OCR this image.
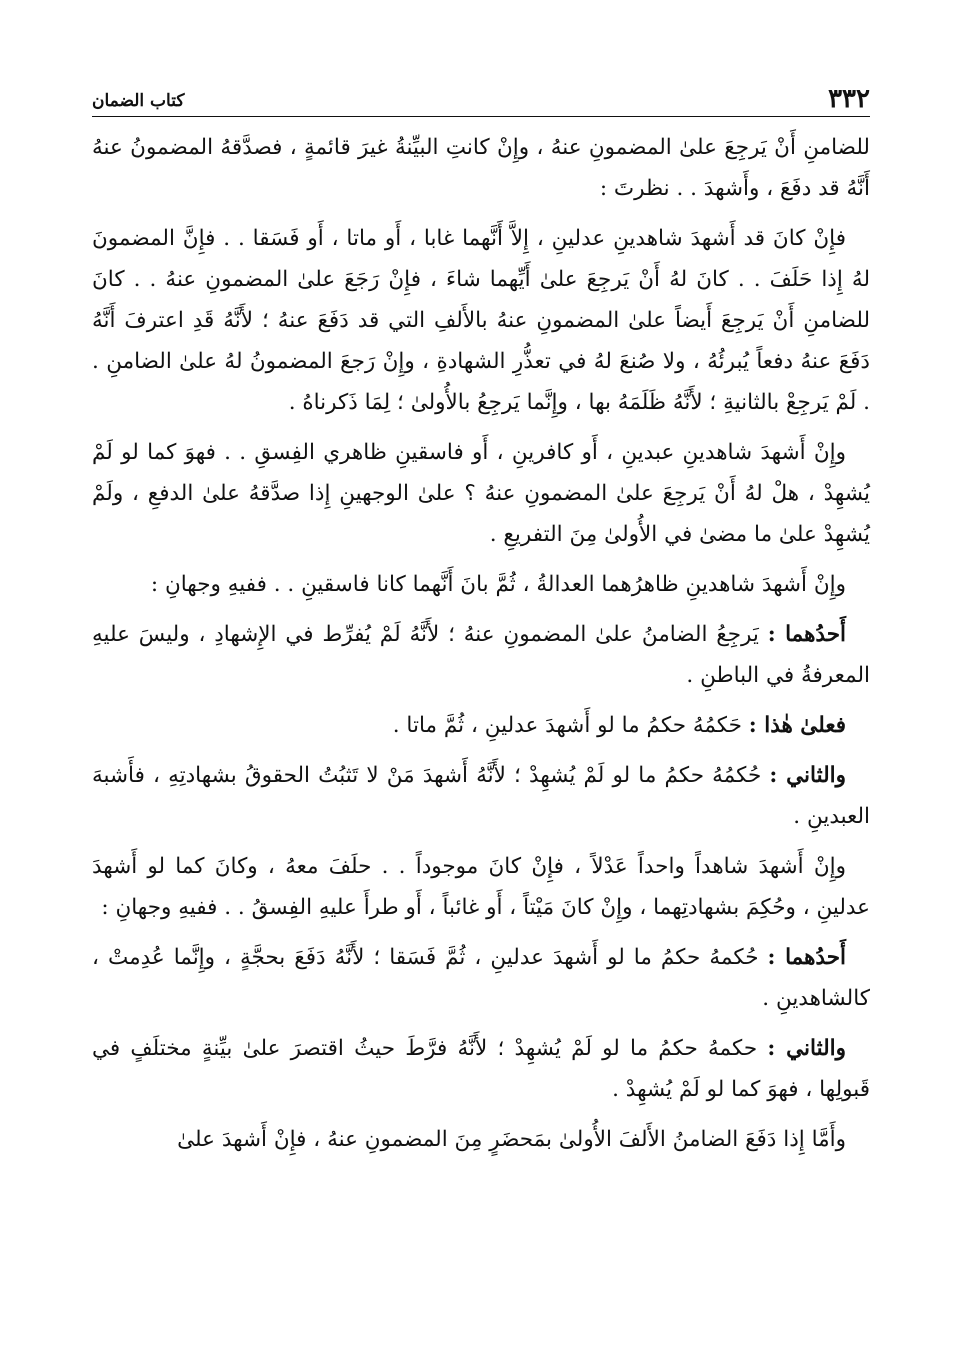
٣٣٢
كتاب الضمان

للضامنِ أَنْ يَرجِعَ علىٰ المضمونِ عنهُ ، وإِنْ كانتِ البيِّنةُ غيرَ قائمةٍ ، فصدَّقهُ المضمونُ عنهُ أَنَّهُ قد دفَعَ ، وأَشهدَ . . نظرتَ :

فإِنْ كانَ قد أَشهدَ شاهدينِ عدلينِ ، إِلاَّ أَنَّهما غابا ، أَو ماتا ، أَو فَسَقا . . فإِنَّ المضمونَ لهُ إِذا حَلَفَ . . كانَ لهُ أَنْ يَرجِعَ علىٰ أَيِّهما شاءَ ، فإِنْ رَجَعَ علىٰ المضمونِ عنهُ . . كانَ للضامنِ أَنْ يَرجِعَ أَيضاً علىٰ المضمونِ عنهُ بالأَلفِ التي قد دَفَعَ عنهُ ؛ لأَنَّهُ قَدِ اعترفَ أَنَّهُ دَفَعَ عنهُ دفعاً يُبرئُهُ ، ولا صُنعَ لهُ في تعذُّرِ الشهادةِ ، وإِنْ رَجعَ المضمونُ لهُ علىٰ الضامنِ . . لَمْ يَرجِعْ بالثانيةِ ؛ لأَنَّهُ ظَلَمَهُ بها ، وإِنَّما يَرجِعُ بالأُولىٰ ؛ لِمَا ذَكرناهُ .

وإِنْ أَشهدَ شاهدينِ عبدينِ ، أَو كافرينِ ، أَو فاسقينِ ظاهري الفِسقِ . . فهوَ كما لو لَمْ يُشهِدْ ، هلْ لهُ أَنْ يَرجِعَ علىٰ المضمونِ عنهُ ؟ علىٰ الوجهينِ إِذا صدَّقهُ علىٰ الدفعِ ، ولَمْ يُشهِدْ علىٰ ما مضىٰ في الأُولىٰ مِنَ التفريعِ .

وإِنْ أَشهدَ شاهدينِ ظاهرُهما العدالةُ ، ثُمَّ بانَ أَنَّهما كانا فاسقينِ . . ففيهِ وجهانِ :

أَحدُهما : يَرجِعُ الضامنُ علىٰ المضمونِ عنهُ ؛ لأَنَّهُ لَمْ يُفرِّط في الإِشهادِ ، وليسَ عليهِ المعرفةُ في الباطنِ .

فعلىٰ هٰذا : حَكمُهُ حكمُ ما لو أَشهدَ عدلينِ ، ثُمَّ ماتا .

والثاني : حُكمُهُ حكمُ ما لو لَمْ يُشهِدْ ؛ لأَنَّهُ أَشهدَ مَنْ لا تَثبُتُ الحقوقُ بشهادتِهِ ، فأَشبهَ العبدينِ .

وإِنْ أَشهدَ شاهداً واحداً عَدْلاً ، فإِنْ كانَ موجوداً . . حلَفَ معهُ ، وكانَ كما لو أَشهدَ عدلينِ ، وحُكِمَ بشهادتِهما ، وإِنْ كانَ مَيْتاً ، أَو غائباً ، أَو طرأَ عليهِ الفِسقُ . . ففيهِ وجهانِ :

أَحدُهما : حُكمهُ حكمُ ما لو أَشهدَ عدلينِ ، ثُمَّ فَسَقا ؛ لأَنَّهُ دَفَعَ بحجَّةٍ ، وإِنَّما عُدِمتْ ، كالشاهدينِ .

والثاني : حكمهُ حكمُ ما لو لَمْ يُشهِدْ ؛ لأَنَّهُ فرَّطَ حيثُ اقتصرَ علىٰ بيِّنةٍ مختلَفٍ في قَبولِها ، فهوَ كما لو لَمْ يُشهِدْ .

وأَمَّا إِذا دَفَعَ الضامنُ الأَلفَ الأُولىٰ بمَحضَرٍ مِنَ المضمونِ عنهُ ، فإِنْ أَشهدَ علىٰ
